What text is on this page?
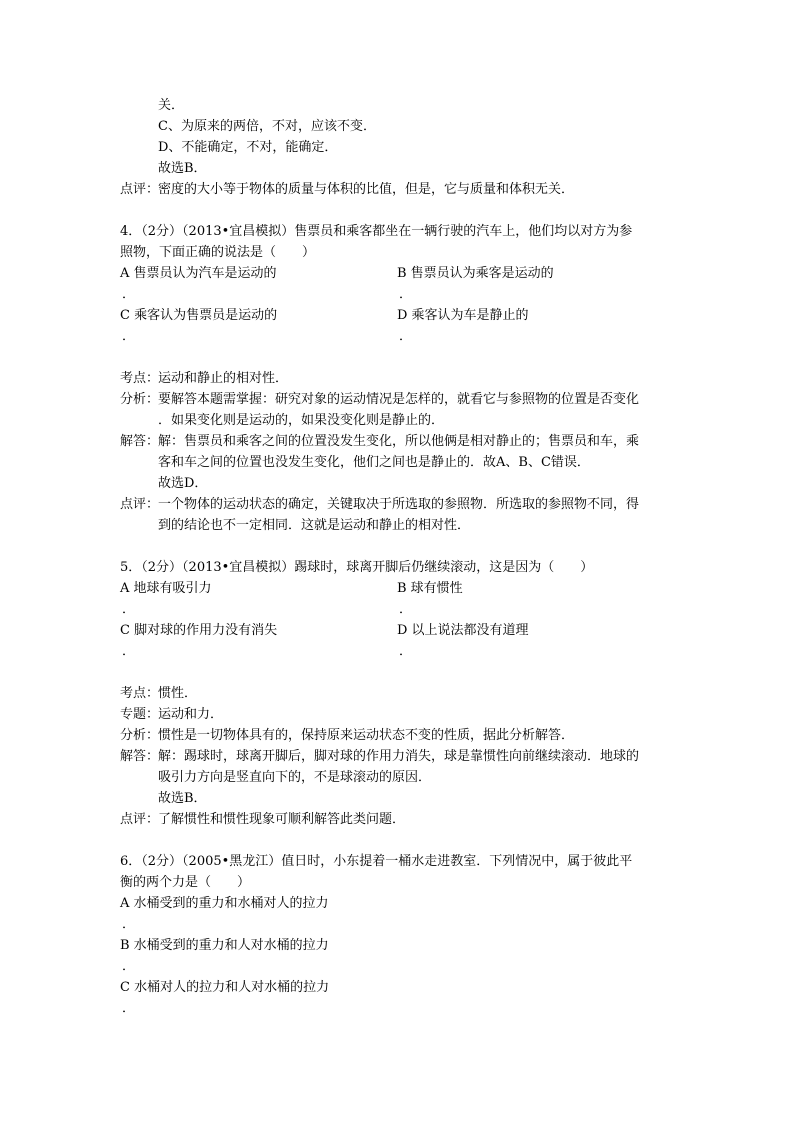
关．
C、为原来的两倍，不对，应该不变．
D、不能确定，不对，能确定．
故选B．
点评：
密度的大小等于物体的质量与体积的比值，但是，它与质量和体积无关．
4．（2分）（2013•宜昌模拟）售票员和乘客都坐在一辆行驶的汽车上，他们均以对方为参
照物，下面正确的说法是（　　）
A 售票员认为汽车是运动的
．
B 售票员认为乘客是运动的
．
C 乘客认为售票员是运动的
．
D 乘客认为车是静止的
．
考点：
运动和静止的相对性．
分析：
要解答本题需掌握：研究对象的运动情况是怎样的，就看它与参照物的位置是否变化
．如果变化则是运动的，如果没变化则是静止的．
解答：
解：售票员和乘客之间的位置没发生变化，所以他俩是相对静止的；售票员和车，乘
客和车之间的位置也没发生变化，他们之间也是静止的．故A、B、C错误．
故选D．
点评：
一个物体的运动状态的确定，关键取决于所选取的参照物．所选取的参照物不同，得
到的结论也不一定相同．这就是运动和静止的相对性．
5．（2分）（2013•宜昌模拟）踢球时，球离开脚后仍继续滚动，这是因为（　　）
A 地球有吸引力
．
B 球有惯性
．
C 脚对球的作用力没有消失
．
D 以上说法都没有道理
．
考点：
惯性．
专题：
运动和力．
分析：
惯性是一切物体具有的，保持原来运动状态不变的性质，据此分析解答．
解答：
解：踢球时，球离开脚后，脚对球的作用力消失，球是靠惯性向前继续滚动．地球的
吸引力方向是竖直向下的，不是球滚动的原因．
故选B．
点评：
了解惯性和惯性现象可顺利解答此类问题．
6．（2分）（2005•黑龙江）值日时，小东提着一桶水走进教室．下列情况中，属于彼此平
衡的两个力是（　　）
A 水桶受到的重力和水桶对人的拉力
．
B 水桶受到的重力和人对水桶的拉力
．
C 水桶对人的拉力和人对水桶的拉力
．
